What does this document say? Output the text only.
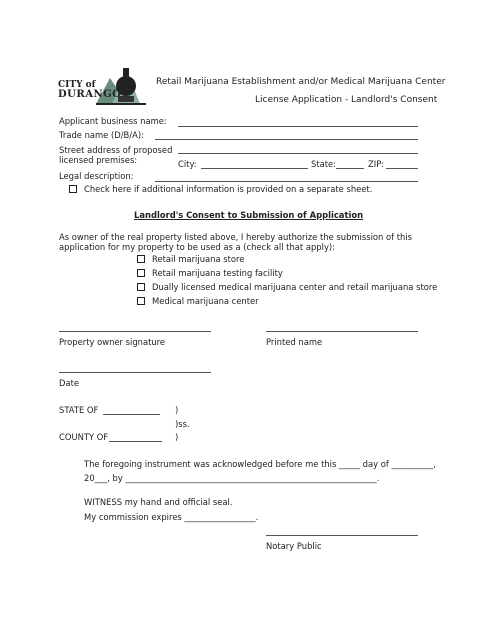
CITY of
DURANGO
Retail Marijuana Establishment and/or Medical Marijuana Center
License Application - Landlord's Consent
Applicant business name:
Trade name (D/B/A):
Street address of proposed
licensed premises:	City:	State:	ZIP:
Legal description:
Check here if additional information is provided on a separate sheet.
Landlord's Consent to Submission of Application
As owner of the real property listed above, I hereby authorize the submission of this
application for my property to be used as a (check all that apply):
Retail marijuana store
Retail marijuana testing facility
Dually licensed medical marijuana center and retail marijuana store
Medical marijuana center
Property owner signature	Printed name
Date
STATE OF	)
)ss.
COUNTY OF	)
The foregoing instrument was acknowledged before me this _____ day of __________,
20___, by ____________________________________________________________.
WITNESS my hand and official seal.
My commission expires _________________.
Notary Public
